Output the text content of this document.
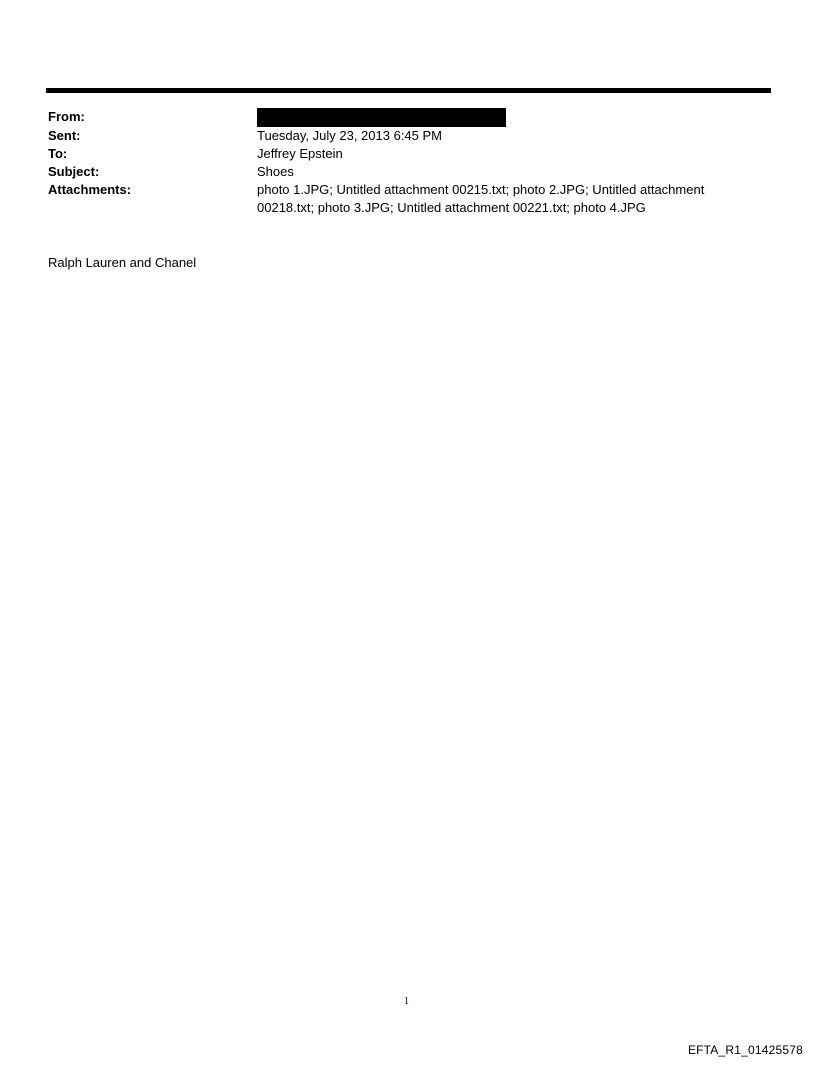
From:
Sent:	Tuesday, July 23, 2013 6:45 PM
To:	Jeffrey Epstein
Subject:	Shoes
Attachments:	photo 1.JPG; Untitled attachment 00215.txt; photo 2.JPG; Untitled attachment 00218.txt; photo 3.JPG; Untitled attachment 00221.txt; photo 4.JPG
Ralph Lauren and Chanel
1
EFTA_R1_01425578
